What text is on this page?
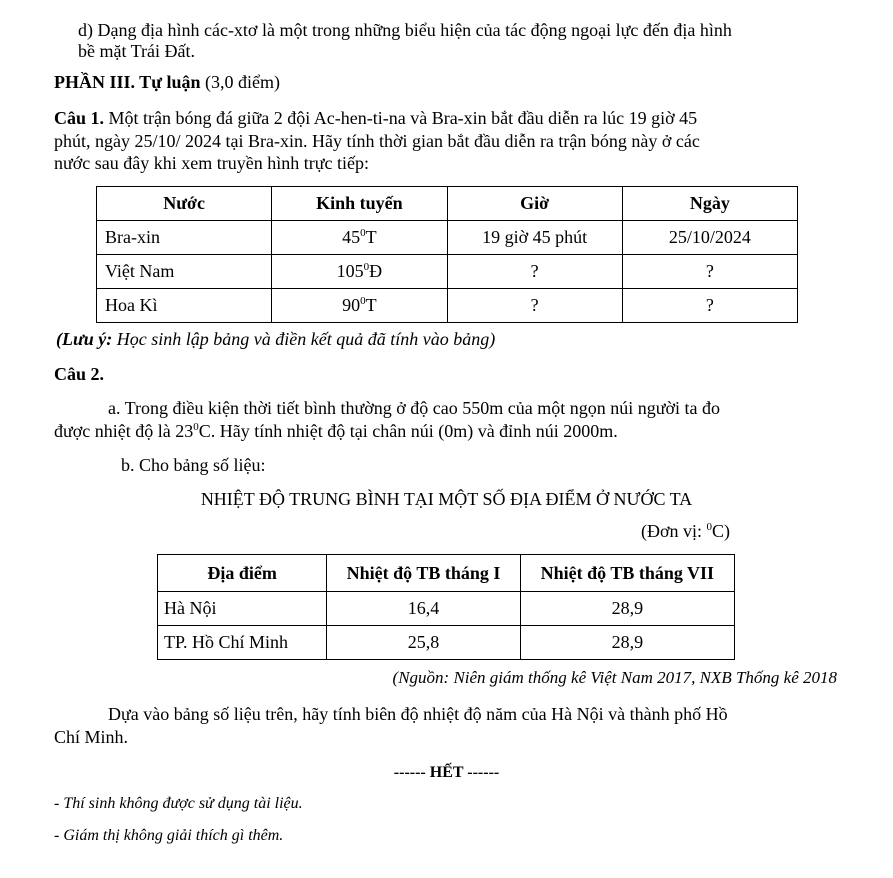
d) Dạng địa hình các-xtơ là một trong những biểu hiện của tác động ngoại lực đến địa hình
bề mặt Trái Đất.
PHẦN III. Tự luận (3,0 điểm)
Câu 1. Một trận bóng đá giữa 2 đội Ac-hen-ti-na và Bra-xin bắt đầu diễn ra lúc 19 giờ 45
phút, ngày 25/10/ 2024 tại Bra-xin. Hãy tính thời gian bắt đầu diễn ra trận bóng này ở các
nước sau đây khi xem truyền hình trực tiếp:
Nước	Kinh tuyến	Giờ	Ngày
Bra-xin	$45^0T$	19 giờ 45 phút	25/10/2024
Việt Nam	$105^0Đ$	?	?
Hoa Kì	$90^0T$	?	?
(Lưu ý: Học sinh lập bảng và điền kết quả đã tính vào bảng)
Câu 2.
a. Trong điều kiện thời tiết bình thường ở độ cao 550m của một ngọn núi người ta đo
được nhiệt độ là $23^0C$. Hãy tính nhiệt độ tại chân núi (0m) và đỉnh núi 2000m.
b. Cho bảng số liệu:
NHIỆT ĐỘ TRUNG BÌNH TẠI MỘT SỐ ĐỊA ĐIỂM Ở NƯỚC TA
(Đơn vị: $^0$C)
Địa điểm	Nhiệt độ TB tháng I	Nhiệt độ TB tháng VII
Hà Nội	16,4	28,9
TP. Hồ Chí Minh	25,8	28,9
(Nguồn: Niên giám thống kê Việt Nam 2017, NXB Thống kê 2018
Dựa vào bảng số liệu trên, hãy tính biên độ nhiệt độ năm của Hà Nội và thành phố Hồ
Chí Minh.
------ HẾT ------
- Thí sinh không được sử dụng tài liệu.
- Giám thị không giải thích gì thêm.
